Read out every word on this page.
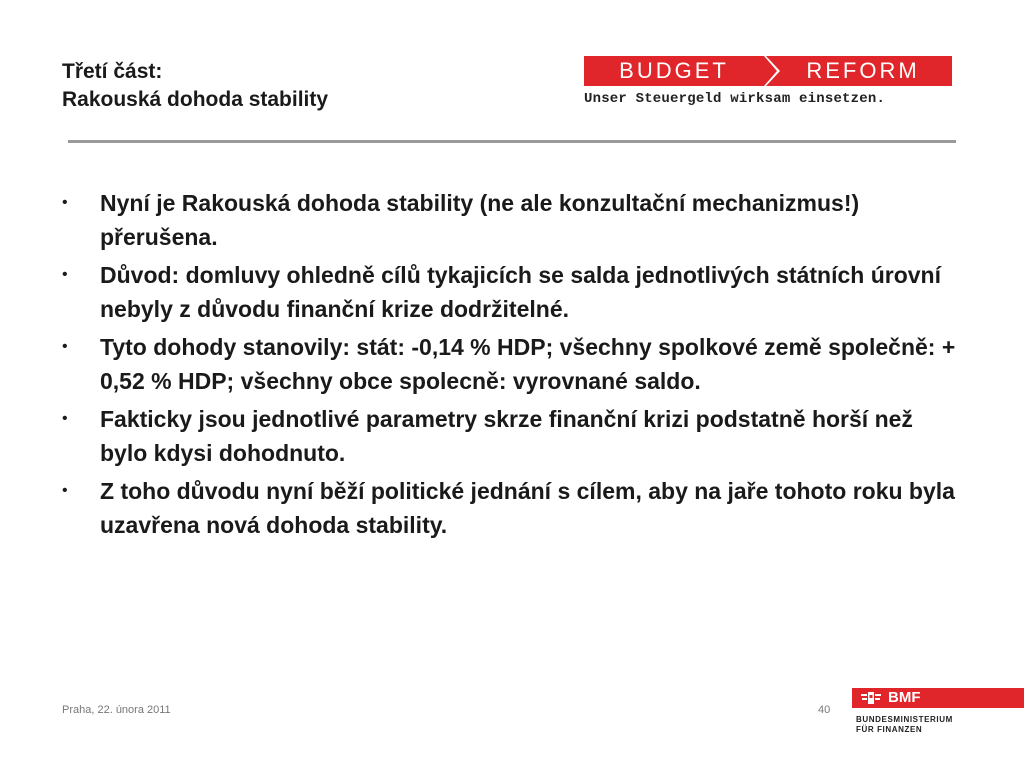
Třetí část:
Rakouská dohoda stability
BUDGET	REFORM
Unser Steuergeld wirksam einsetzen.
• Nyní je Rakouská dohoda stability (ne ale konzultační mechanizmus!) přerušena.
• Důvod: domluvy ohledně cílů tykajicích se salda jednotlivých státních úrovní nebyly z důvodu finanční krize dodržitelné.
• Tyto dohody stanovily: stát: -0,14 % HDP; všechny spolkové země společně: + 0,52 % HDP; všechny obce spolecně: vyrovnané saldo.
• Fakticky jsou jednotlivé parametry skrze finanční krizi podstatně horší než bylo kdysi dohodnuto.
• Z toho důvodu nyní běží politické jednání s cílem, aby na jaře tohoto roku byla uzavřena nová dohoda stability.
Praha, 22. února 2011	40
BMF
BUNDESMINISTERIUM
FÜR FINANZEN
